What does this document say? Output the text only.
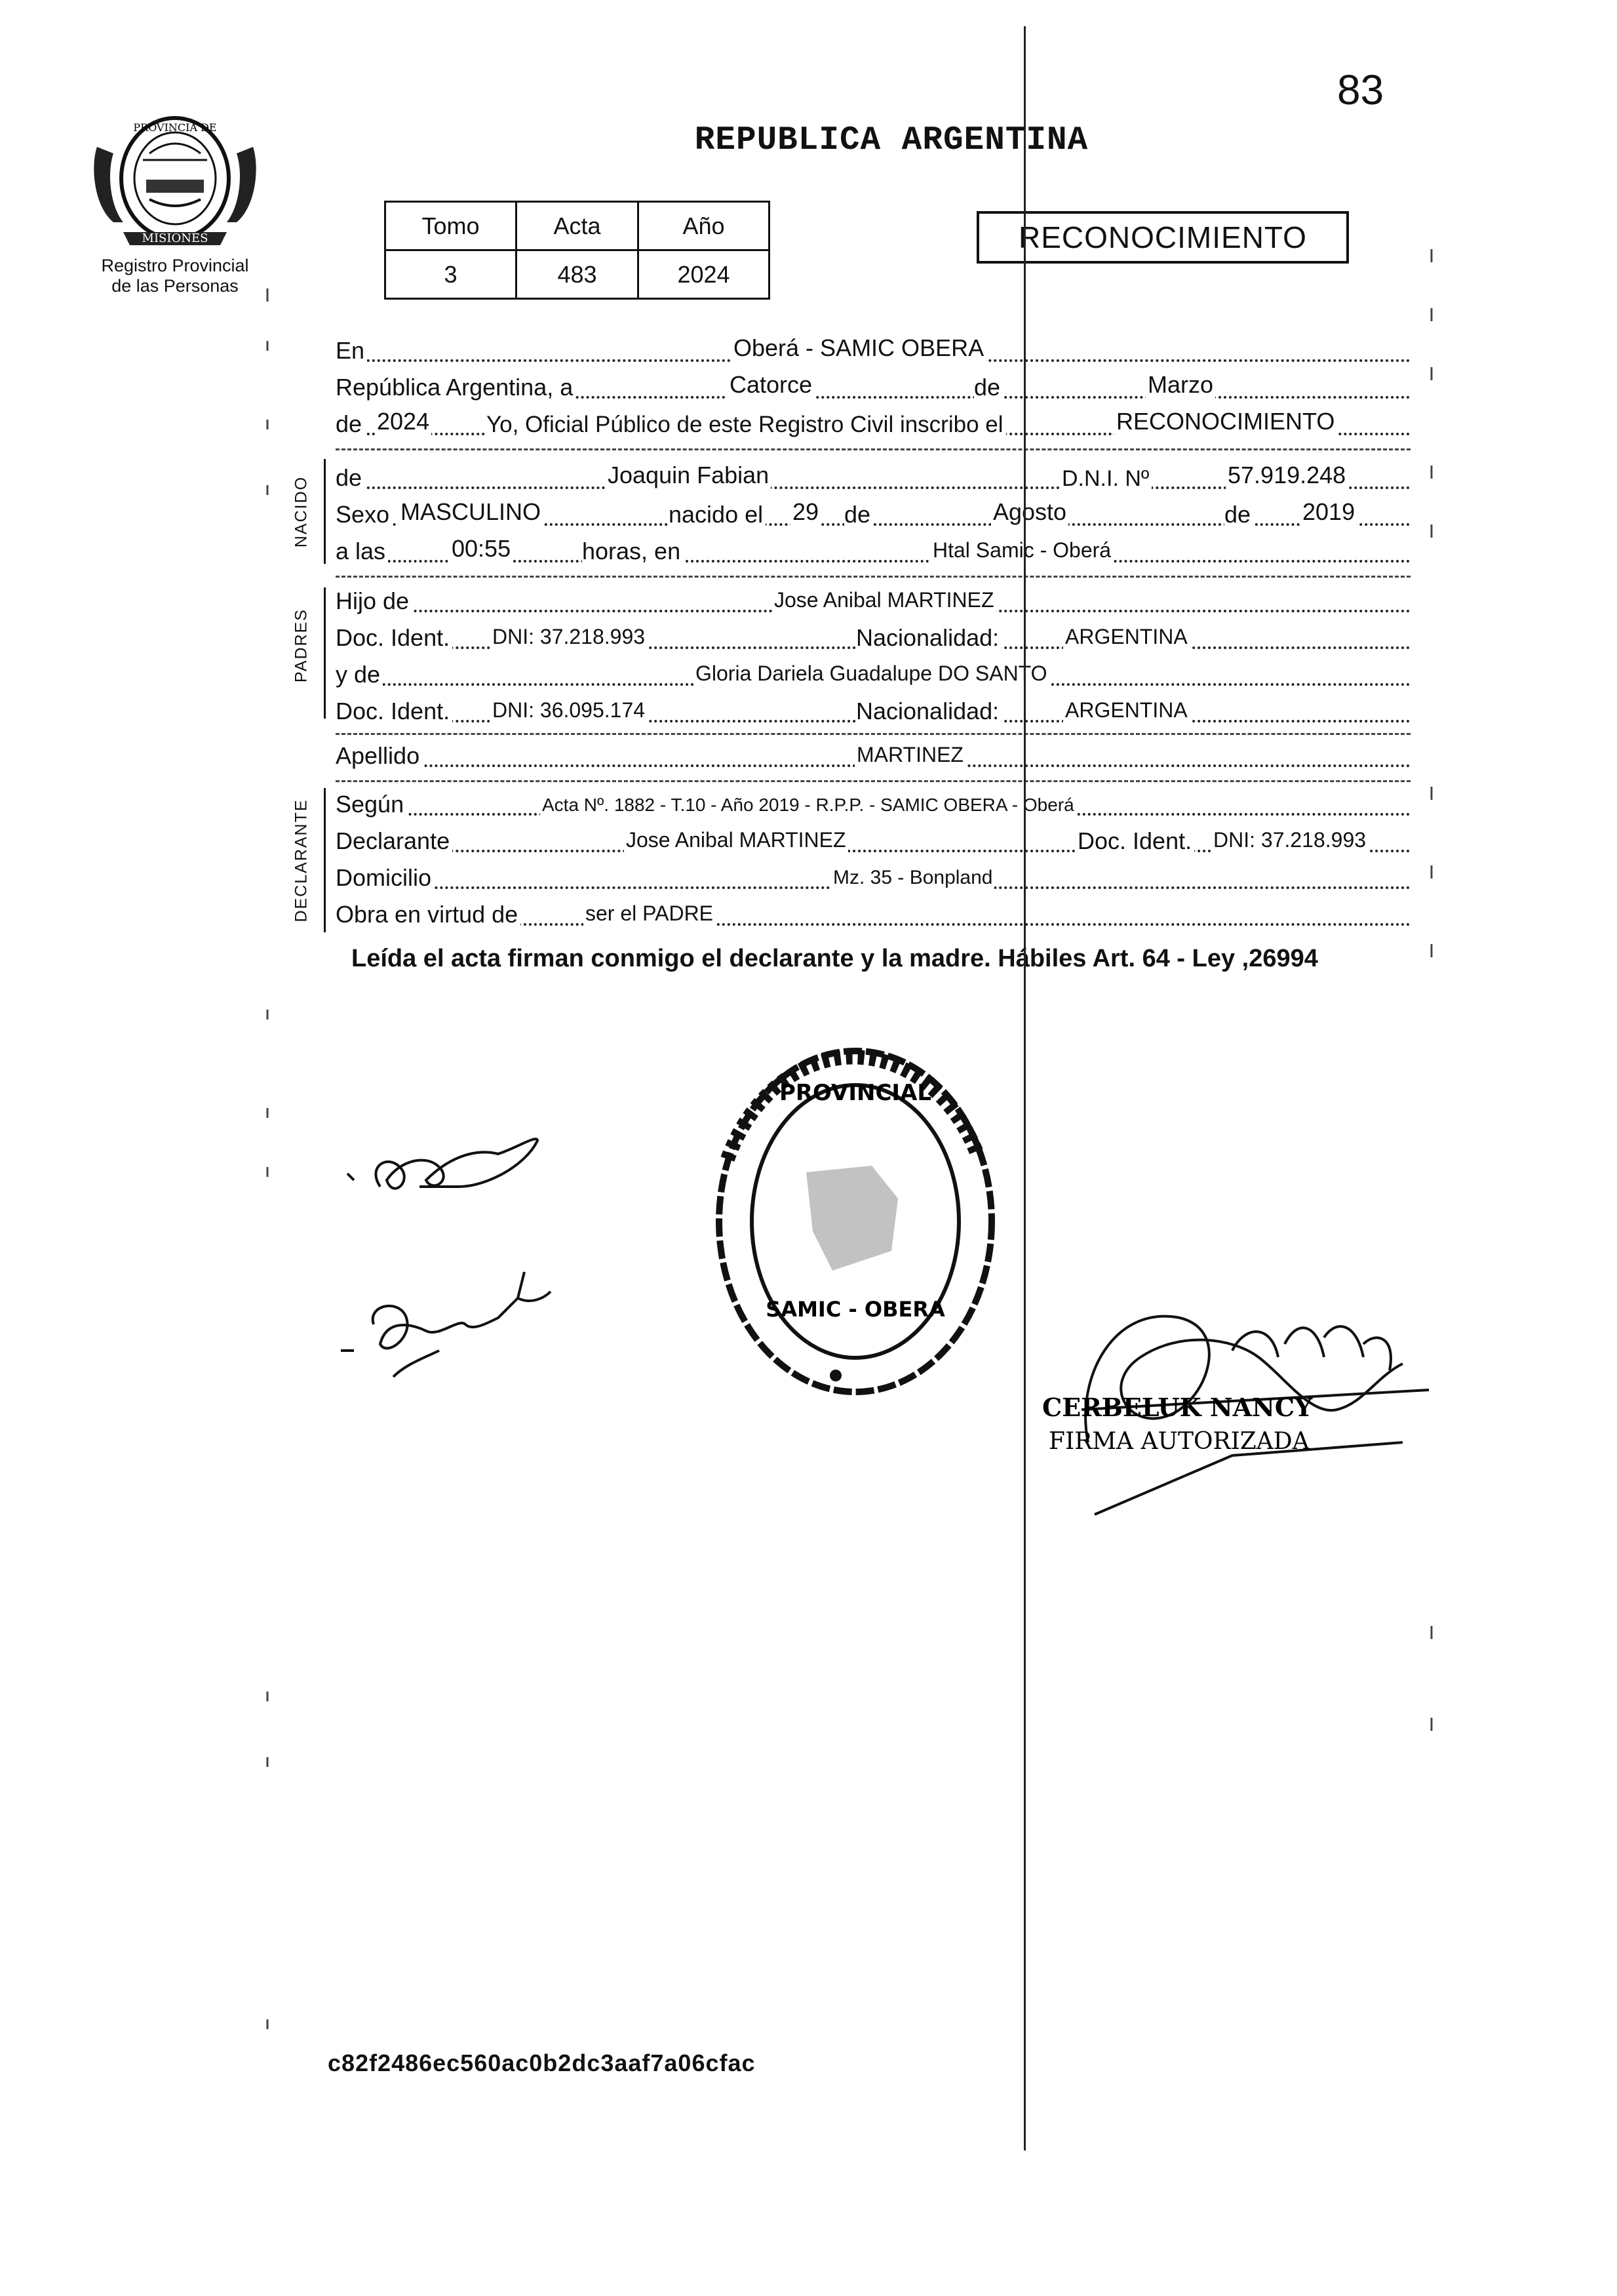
PROVINCIA DE
MISIONES
Registro Provincial
de las Personas
REPUBLICA ARGENTINA
83
Tomo	Acta	Año
3	483	2024
RECONOCIMIENTO
En	Oberá - SAMIC OBERA
República Argentina, a	Catorce	de	Marzo
de 2024 Yo, Oficial Público de este Registro Civil inscribo el	RECONOCIMIENTO
NACIDO de	Joaquin Fabian	D.N.I. Nº	57.919.248
Sexo MASCULINO	nacido el 29 de	Agosto	de 2019
a las	00:55	horas, en	Htal Samic - Oberá
PADRES
Hijo de	Jose Anibal MARTINEZ
Doc. Ident. DNI: 37.218.993	Nacionalidad:	ARGENTINA
y de	Gloria Dariela Guadalupe DO SANTO
Doc. Ident. DNI: 36.095.174	Nacionalidad:	ARGENTINA
Apellido	MARTINEZ
DECLARANTE Según	Acta Nº. 1882 - T.10 - Año 2019 - R.P.P. - SAMIC OBERA - Oberá
Declarante	Jose Anibal MARTINEZ	Doc. Ident. DNI: 37.218.993
Domicilio	Mz. 35 - Bonpland
Obra en virtud de	ser el PADRE
Leída el acta firman conmigo el declarante y la madre. Hábiles Art. 64 - Ley ,26994
PROVINCIAL
SAMIC - OBERA
CERBELUK NANCY
FIRMA AUTORIZADA
c82f2486ec560ac0b2dc3aaf7a06cfac
